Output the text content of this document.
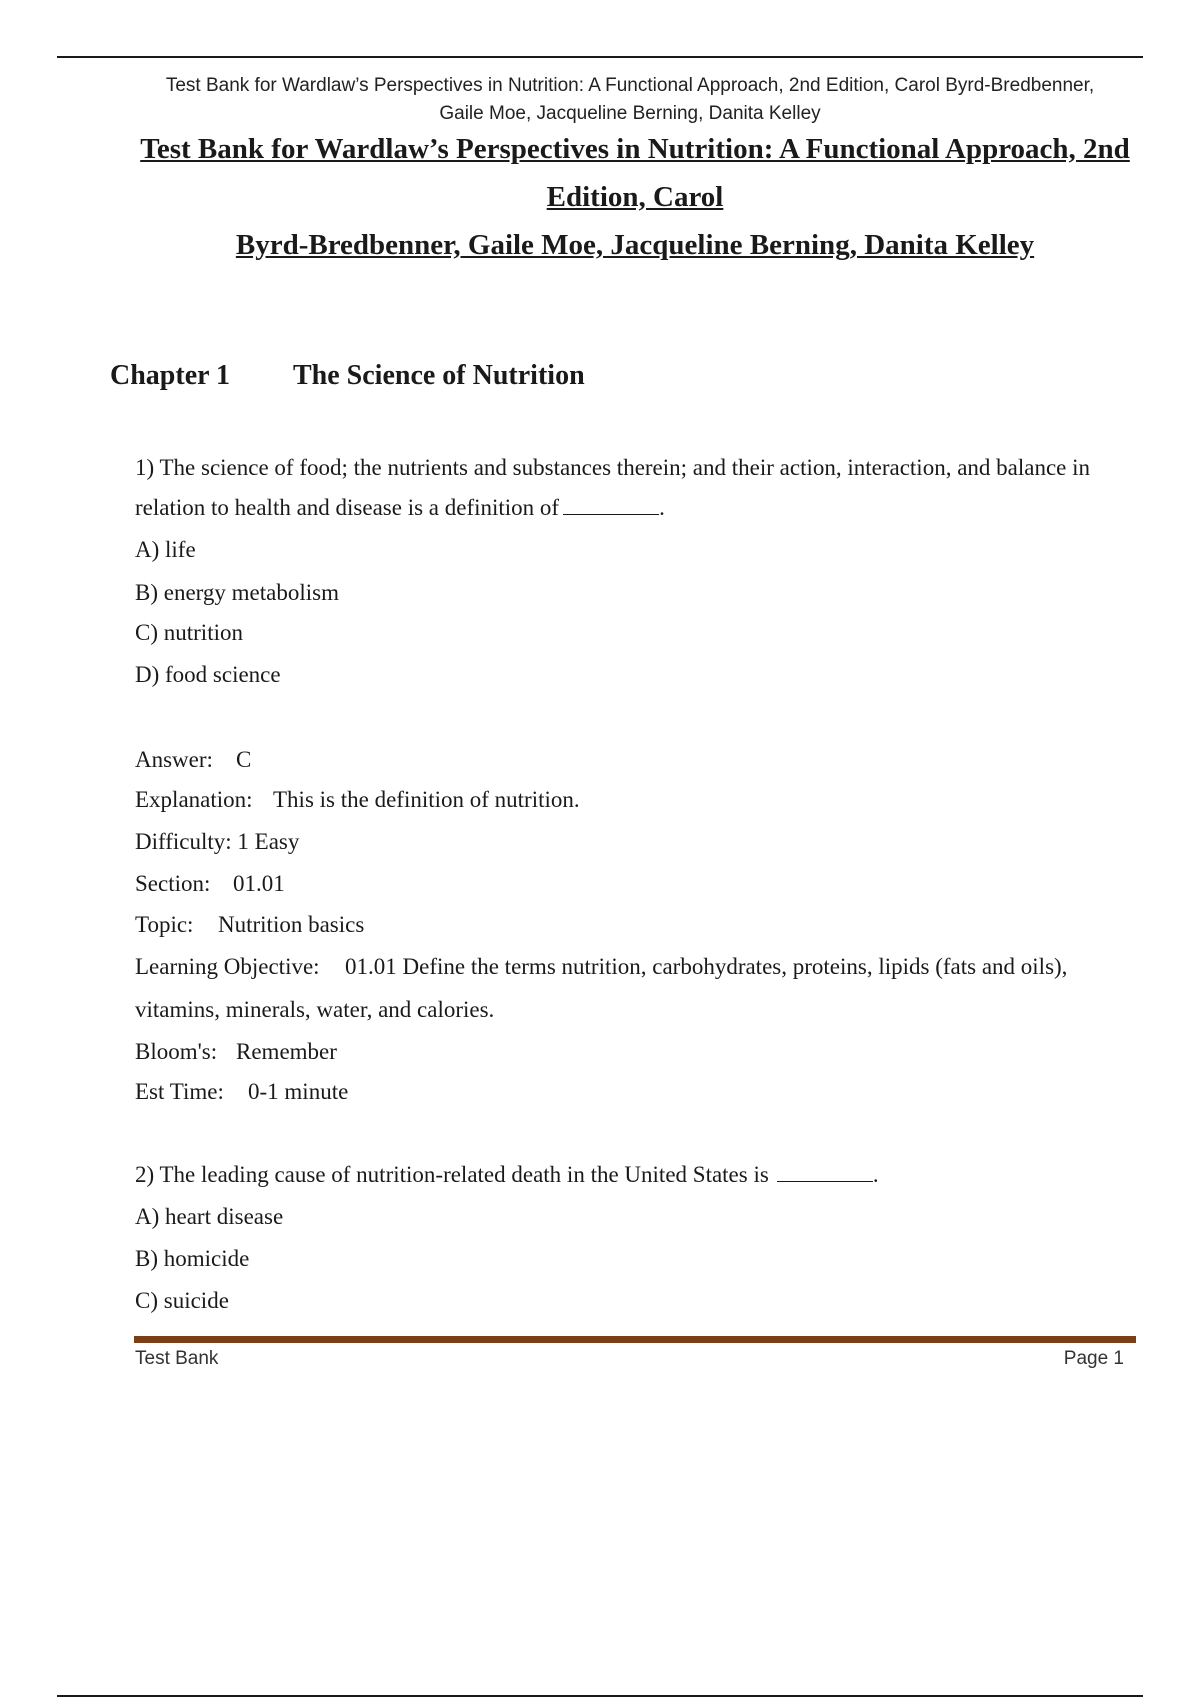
Test Bank for Wardlaw’s Perspectives in Nutrition: A Functional Approach, 2nd Edition, Carol Byrd-Bredbenner,
Gaile Moe, Jacqueline Berning, Danita Kelley
Test Bank for Wardlaw’s Perspectives in Nutrition: A Functional Approach, 2nd
Edition, Carol
Byrd-Bredbenner, Gaile Moe, Jacqueline Berning, Danita Kelley
Chapter 1 The Science of Nutrition
1) The science of food; the nutrients and substances therein; and their action, interaction, and balance in
relation to health and disease is a definition of	.
A) life
B) energy metabolism
C) nutrition
D) food science
Answer: C
Explanation: This is the definition of nutrition.
Difficulty: 1 Easy
Section: 01.01
Topic: Nutrition basics
Learning Objective: 01.01 Define the terms nutrition, carbohydrates, proteins, lipids (fats and oils),
vitamins, minerals, water, and calories.
Bloom's: Remember
Est Time: 0-1 minute
2) The leading cause of nutrition-related death in the United States is	.
A) heart disease
B) homicide
C) suicide
Test Bank	Page 1
